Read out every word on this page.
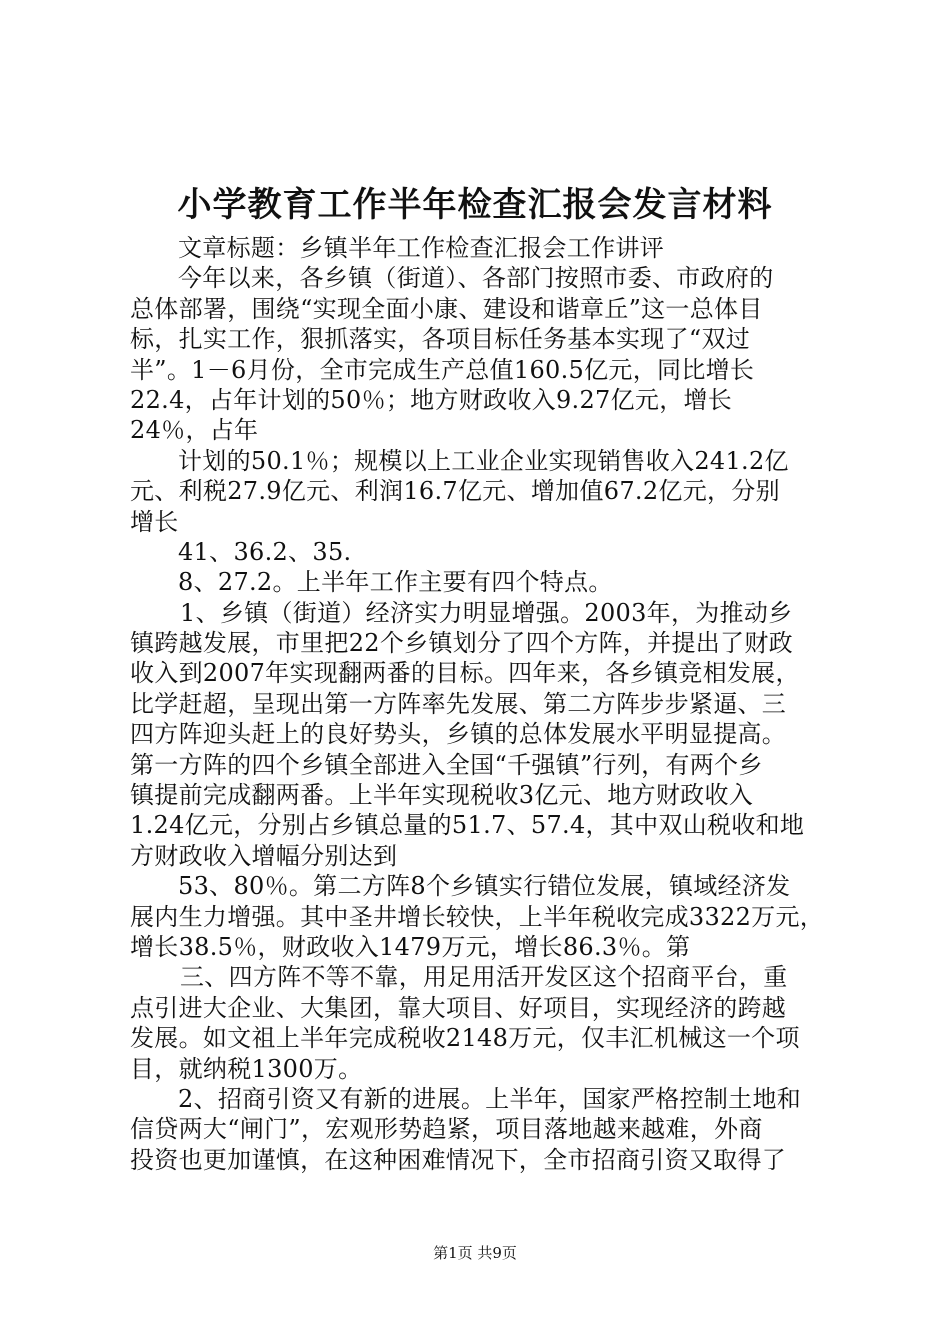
小学教育工作半年检查汇报会发言材料
文章标题：乡镇半年工作检查汇报会工作讲评
今年以来，各乡镇（街道）、各部门按照市委、市政府的
总体部署，围绕“实现全面小康、建设和谐章丘”这一总体目
标，扎实工作，狠抓落实，各项目标任务基本实现了“双过
半”。1－6月份，全市完成生产总值160.5亿元，同比增长
22.4，占年计划的50％；地方财政收入9.27亿元，增长
24％，占年
计划的50.1％；规模以上工业企业实现销售收入241.2亿
元、利税27.9亿元、利润16.7亿元、增加值67.2亿元，分别
增长
41、36.2、35.
8、27.2。上半年工作主要有四个特点。
1、乡镇（街道）经济实力明显增强。2003年，为推动乡
镇跨越发展，市里把22个乡镇划分了四个方阵，并提出了财政
收入到2007年实现翻两番的目标。四年来，各乡镇竞相发展，
比学赶超，呈现出第一方阵率先发展、第二方阵步步紧逼、三
四方阵迎头赶上的良好势头，乡镇的总体发展水平明显提高。
第一方阵的四个乡镇全部进入全国“千强镇”行列，有两个乡
镇提前完成翻两番。上半年实现税收3亿元、地方财政收入
1.24亿元，分别占乡镇总量的51.7、57.4，其中双山税收和地
方财政收入增幅分别达到
53、80％。第二方阵8个乡镇实行错位发展，镇域经济发
展内生力增强。其中圣井增长较快，上半年税收完成3322万元，
增长38.5％，财政收入1479万元，增长86.3％。第
三、四方阵不等不靠，用足用活开发区这个招商平台，重
点引进大企业、大集团，靠大项目、好项目，实现经济的跨越
发展。如文祖上半年完成税收2148万元，仅丰汇机械这一个项
目，就纳税1300万。
2、招商引资又有新的进展。上半年，国家严格控制土地和
信贷两大“闸门”，宏观形势趋紧，项目落地越来越难，外商
投资也更加谨慎，在这种困难情况下，全市招商引资又取得了
第1页 共9页
